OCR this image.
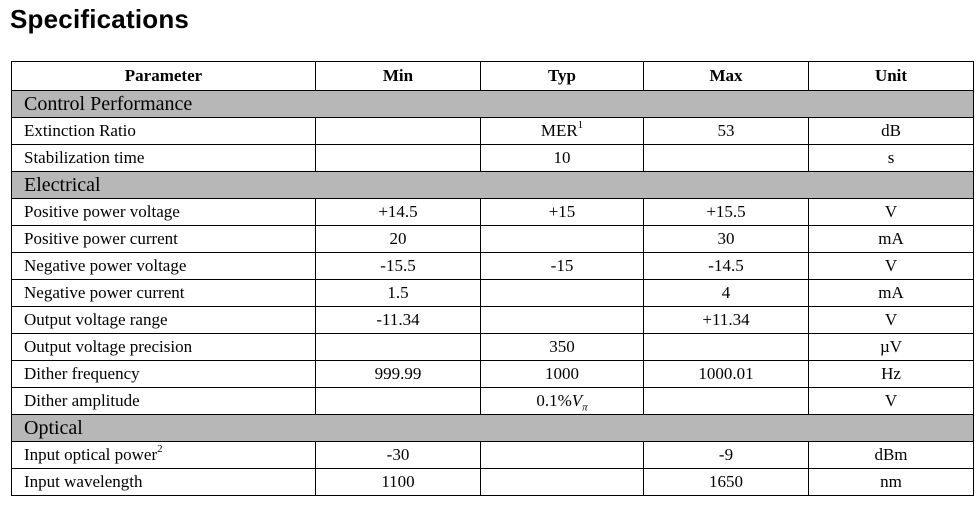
Specifications
Parameter	Min	Typ	Max	Unit
Control Performance				
Extinction Ratio		MER$^1$	53	dB
Stabilization time		10		s
Electrical				
Positive power voltage	+14.5	+15	+15.5	V
Positive power current	20		30	mA
Negative power voltage	-15.5	-15	-14.5	V
Negative power current	1.5		4	mA
Output voltage range	-11.34		+11.34	V
Output voltage precision		350		µV
Dither frequency	999.99	1000	1000.01	Hz
Dither amplitude		$0.1\%V_\pi$		V
Optical				
Input optical power$^2$	-30		-9	dBm
Input wavelength	1100		1650	nm
